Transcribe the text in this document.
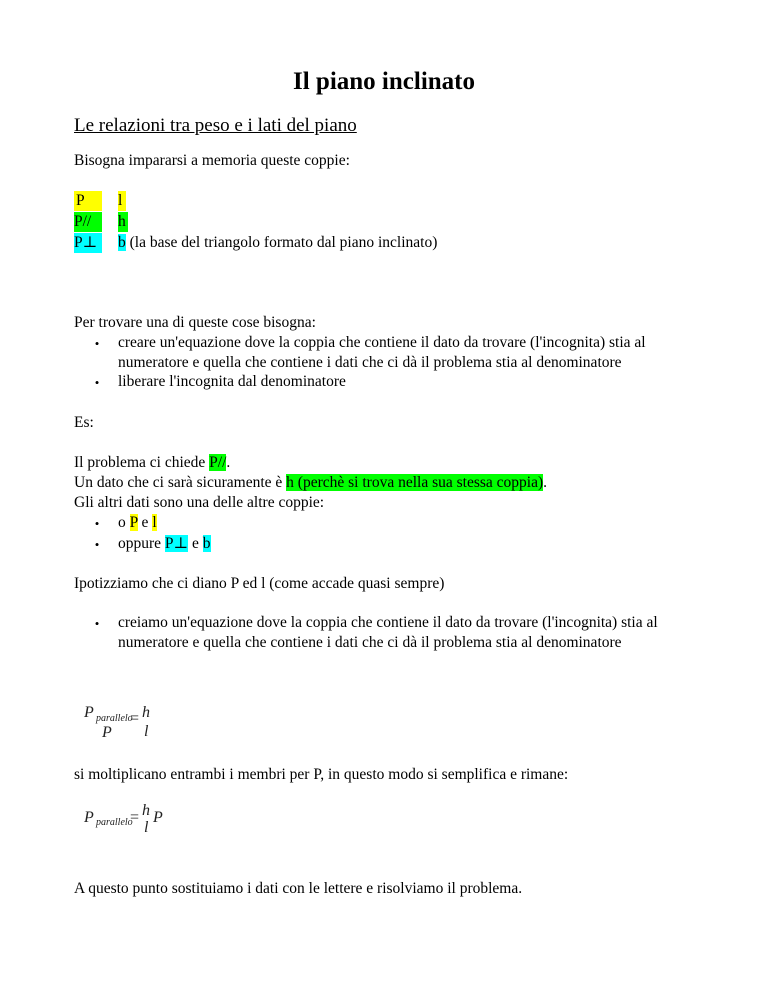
Il piano inclinato
Le relazioni tra peso e i lati del piano
Bisogna impararsi a memoria queste coppie:
P	l
P//	h
P⊥	b (la base del triangolo formato dal piano inclinato)
Per trovare una di queste cose bisogna:
•	creare un'equazione dove la coppia che contiene il dato da trovare (l'incognita) stia al numeratore e quella che contiene i dati che ci dà il problema stia al denominatore
•	liberare l'incognita dal denominatore
Es:
Il problema ci chiede P//.
Un dato che ci sarà sicuramente è h (perchè si trova nella sua stessa coppia).
Gli altri dati sono una delle altre coppie:
•	o P e l
•	oppure P⊥ e b
Ipotizziamo che ci diano P ed l (come accade quasi sempre)
•	creiamo un'equazione dove la coppia che contiene il dato da trovare (l'incognita) stia al numeratore e quella che contiene i dati che ci dà il problema stia al denominatore
P parallelo
P
= h
l
si moltiplicano entrambi i membri per P, in questo modo si semplifica e rimane:
P parallelo
= h
l
P
A questo punto sostituiamo i dati con le lettere e risolviamo il problema.
